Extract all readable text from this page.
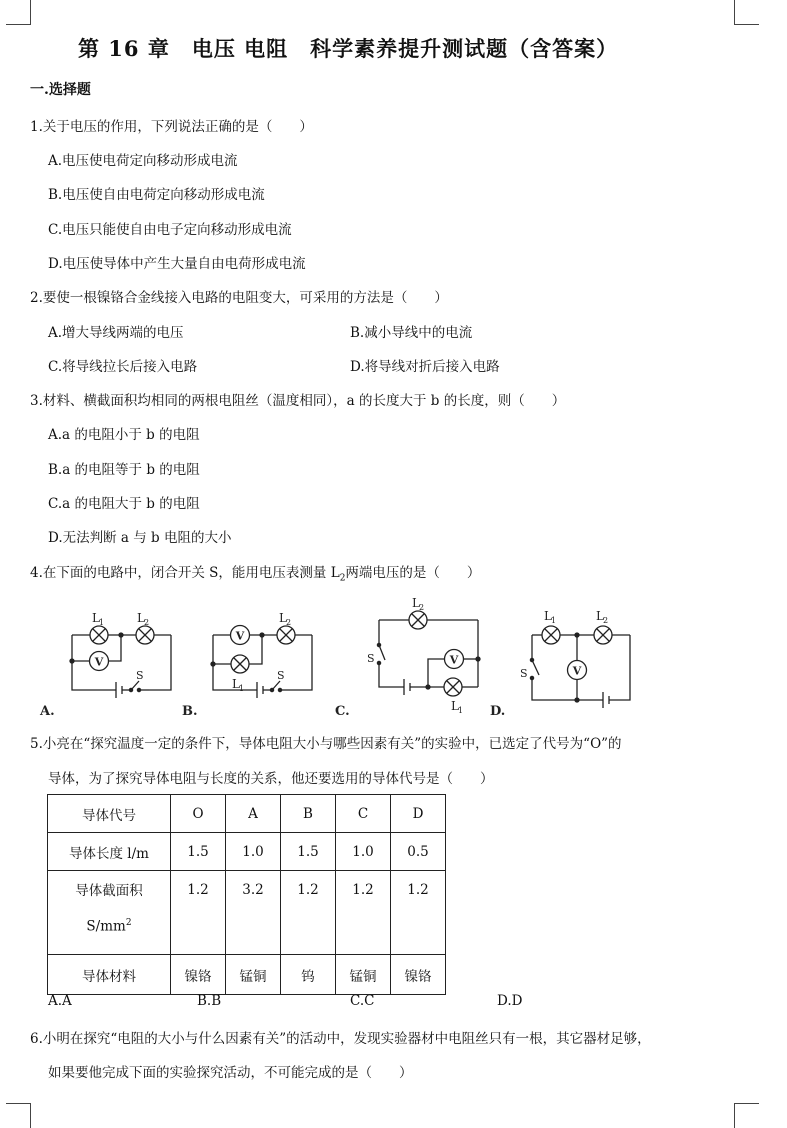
第 16 章　电压 电阻　科学素养提升测试题（含答案）
一.选择题
1.关于电压的作用，下列说法正确的是（　　）
A.电压使电荷定向移动形成电流
B.电压使自由电荷定向移动形成电流
C.电压只能使自由电子定向移动形成电流
D.电压使导体中产生大量自由电荷形成电流
2.要使一根镍铬合金线接入电路的电阻变大，可采用的方法是（　　）
A.增大导线两端的电压	B.减小导线中的电流
C.将导线拉长后接入电路	D.将导线对折后接入电路
3.材料、横截面积均相同的两根电阻丝（温度相同），a 的长度大于 b 的长度，则（　　）
A.a 的电阻小于 b 的电阻
B.a 的电阻等于 b 的电阻
C.a 的电阻大于 b 的电阻
D.无法判断 a 与 b 电阻的大小
4.在下面的电路中，闭合开关 S，能用电压表测量 $L_2$两端电压的是（　　）
V
L 1	L 2
S
A.
V
L 2
L 1
S
B.
V
L 2
L 1
S
C.
V
L 1	L 2
S
D.
5.小亮在“探究温度一定的条件下，导体电阻大小与哪些因素有关”的实验中，已选定了代号为“O”的
导体，为了探究导体电阻与长度的关系，他还要选用的导体代号是（　　）
导体代号	O	A	B	C	D
导体长度 l/m	1.5	1.0	1.5	1.0	0.5

导体截面积
$S/mm^2$	1.2	3.2	1.2	1.2	1.2
导体材料	镍铬	锰铜	钨	锰铜	镍铬
A.A	B.B	C.C	D.D
6.小明在探究“电阻的大小与什么因素有关”的活动中，发现实验器材中电阻丝只有一根，其它器材足够，
如果要他完成下面的实验探究活动，不可能完成的是（　　）
